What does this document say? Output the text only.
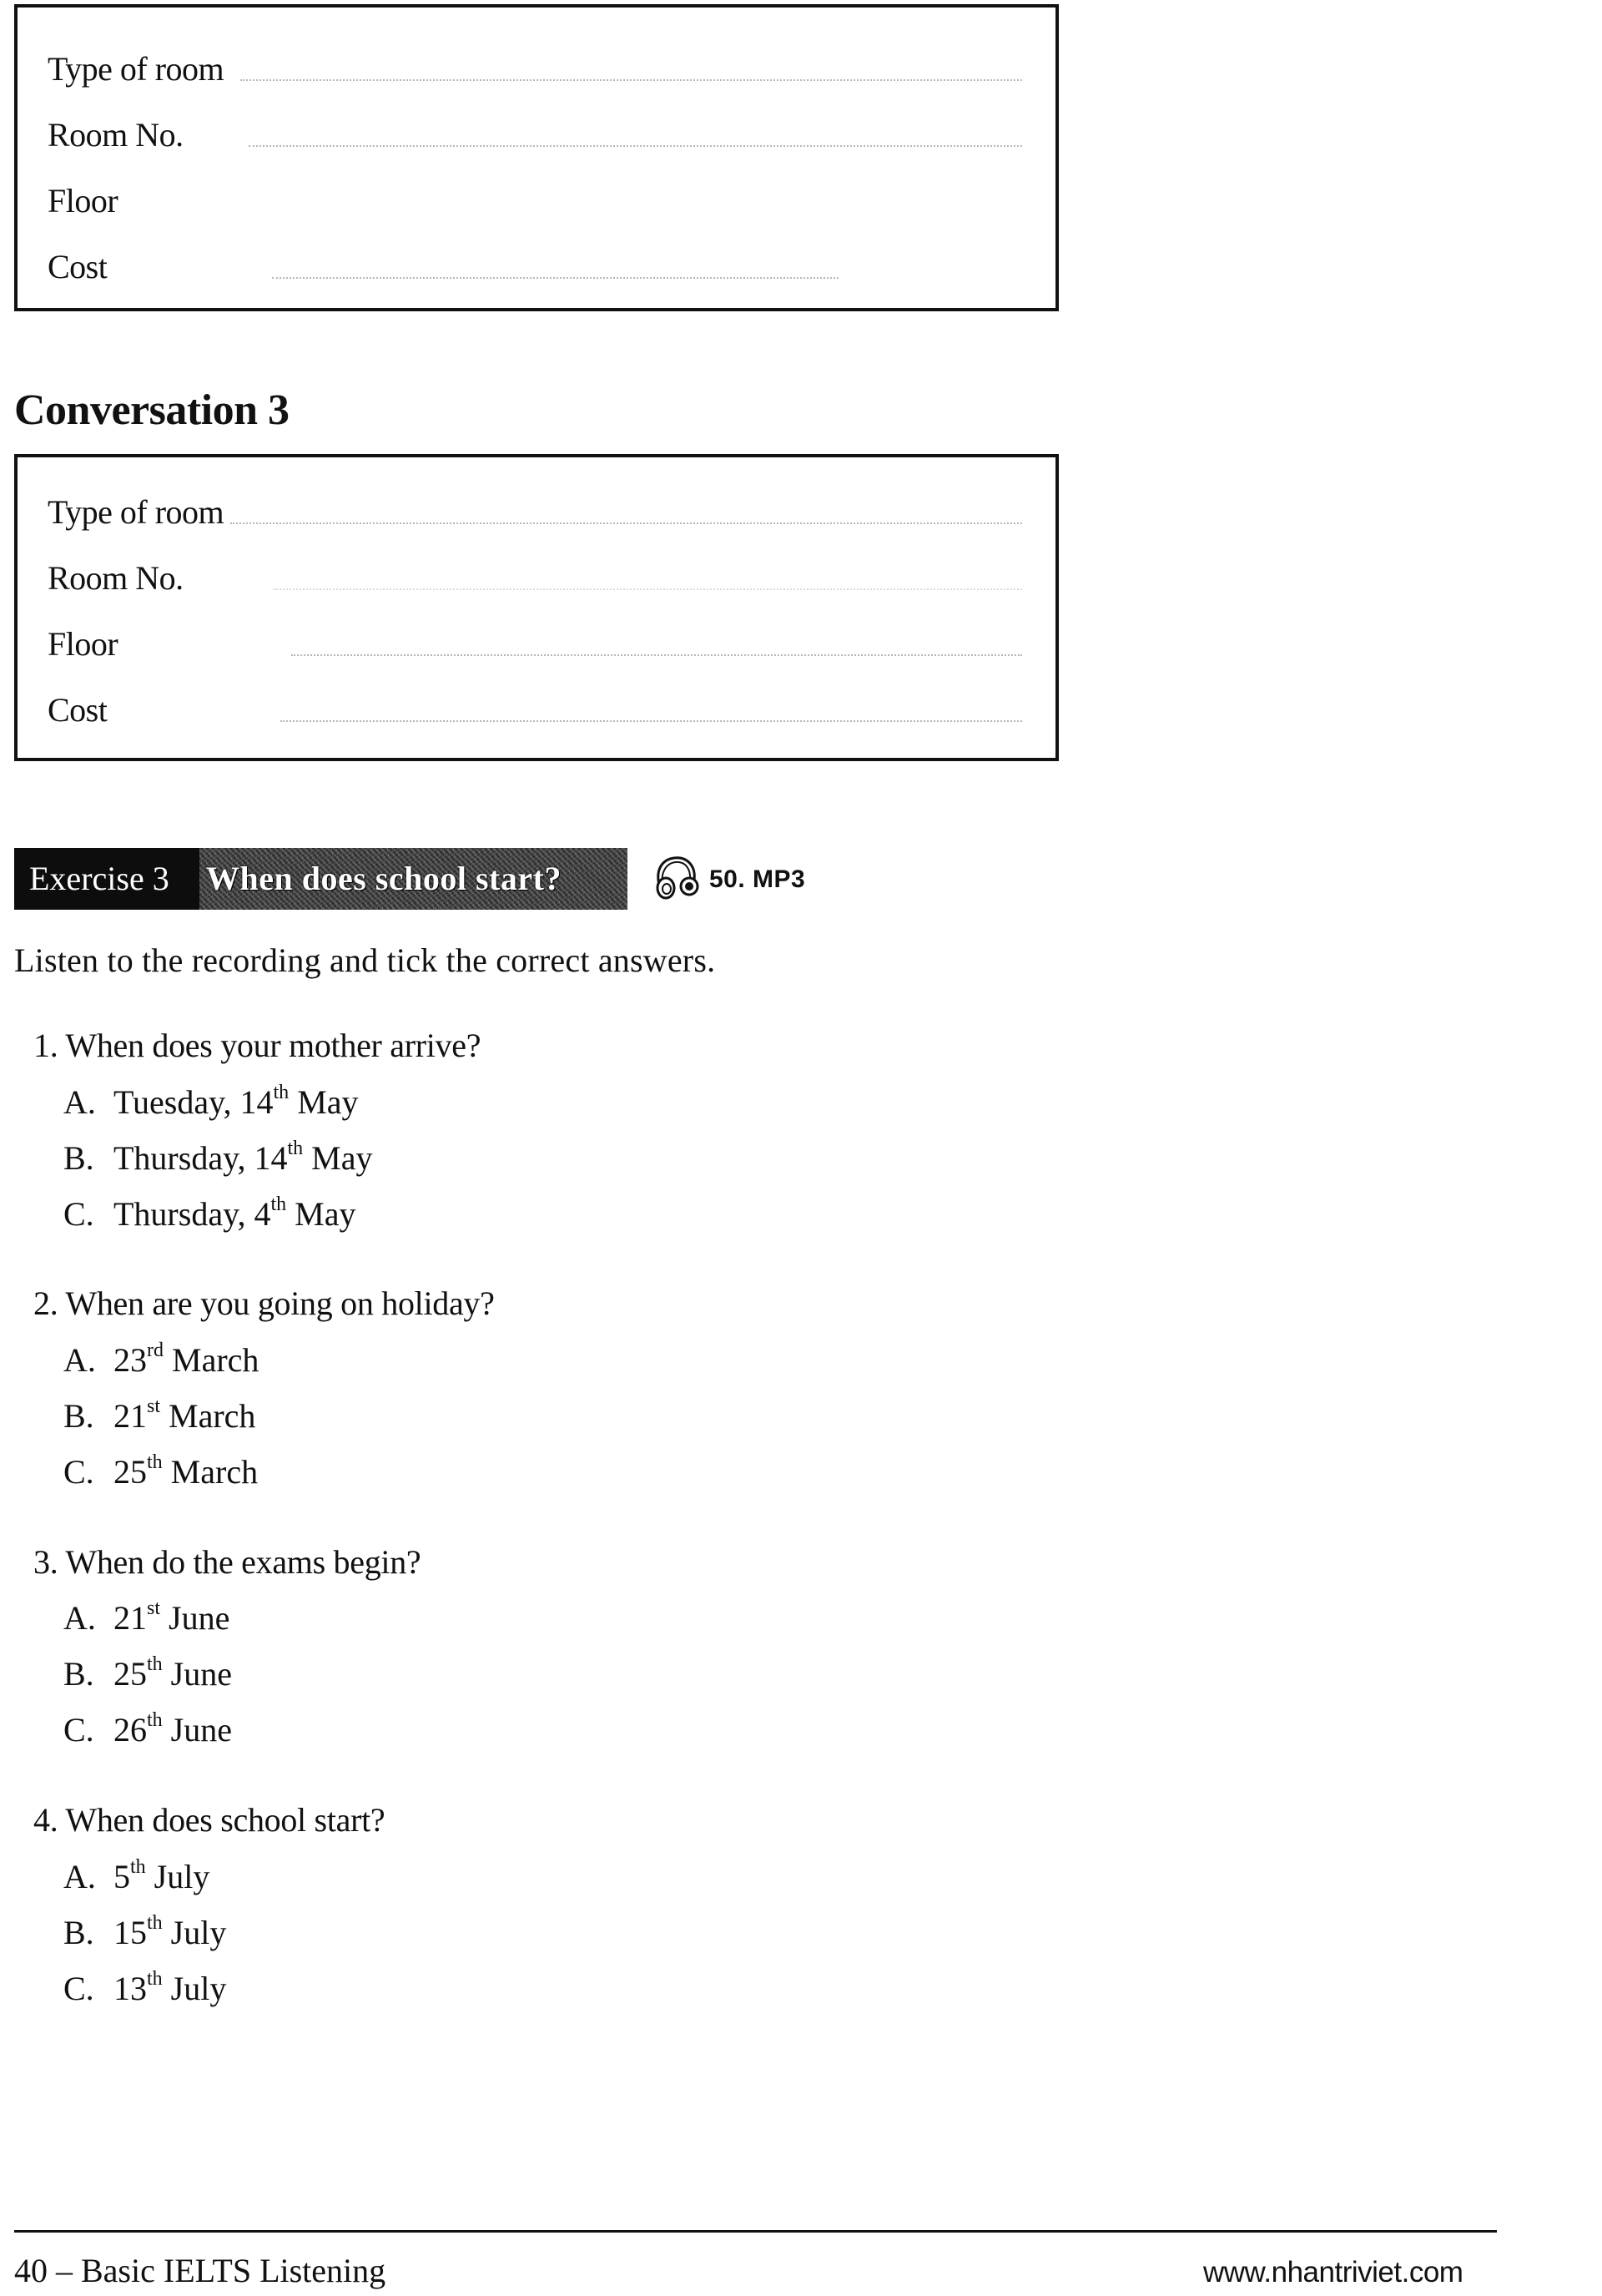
Type of room
Room No.
Floor
Cost
Conversation 3
Type of room
Room No.
Floor
Cost
Exercise 3	When does school start?	50. MP3
Listen to the recording and tick the correct answers.
1. When does your mother arrive?
A. Tuesday, 14th May
B. Thursday, 14th May
C. Thursday, 4th May
2. When are you going on holiday?
A. 23rd March
B. 21st March
C. 25th March
3. When do the exams begin?
A. 21st June
B. 25th June
C. 26th June
4. When does school start?
A. 5th July
B. 15th July
C. 13th July
40 – Basic IELTS Listening	www.nhantriviet.com
